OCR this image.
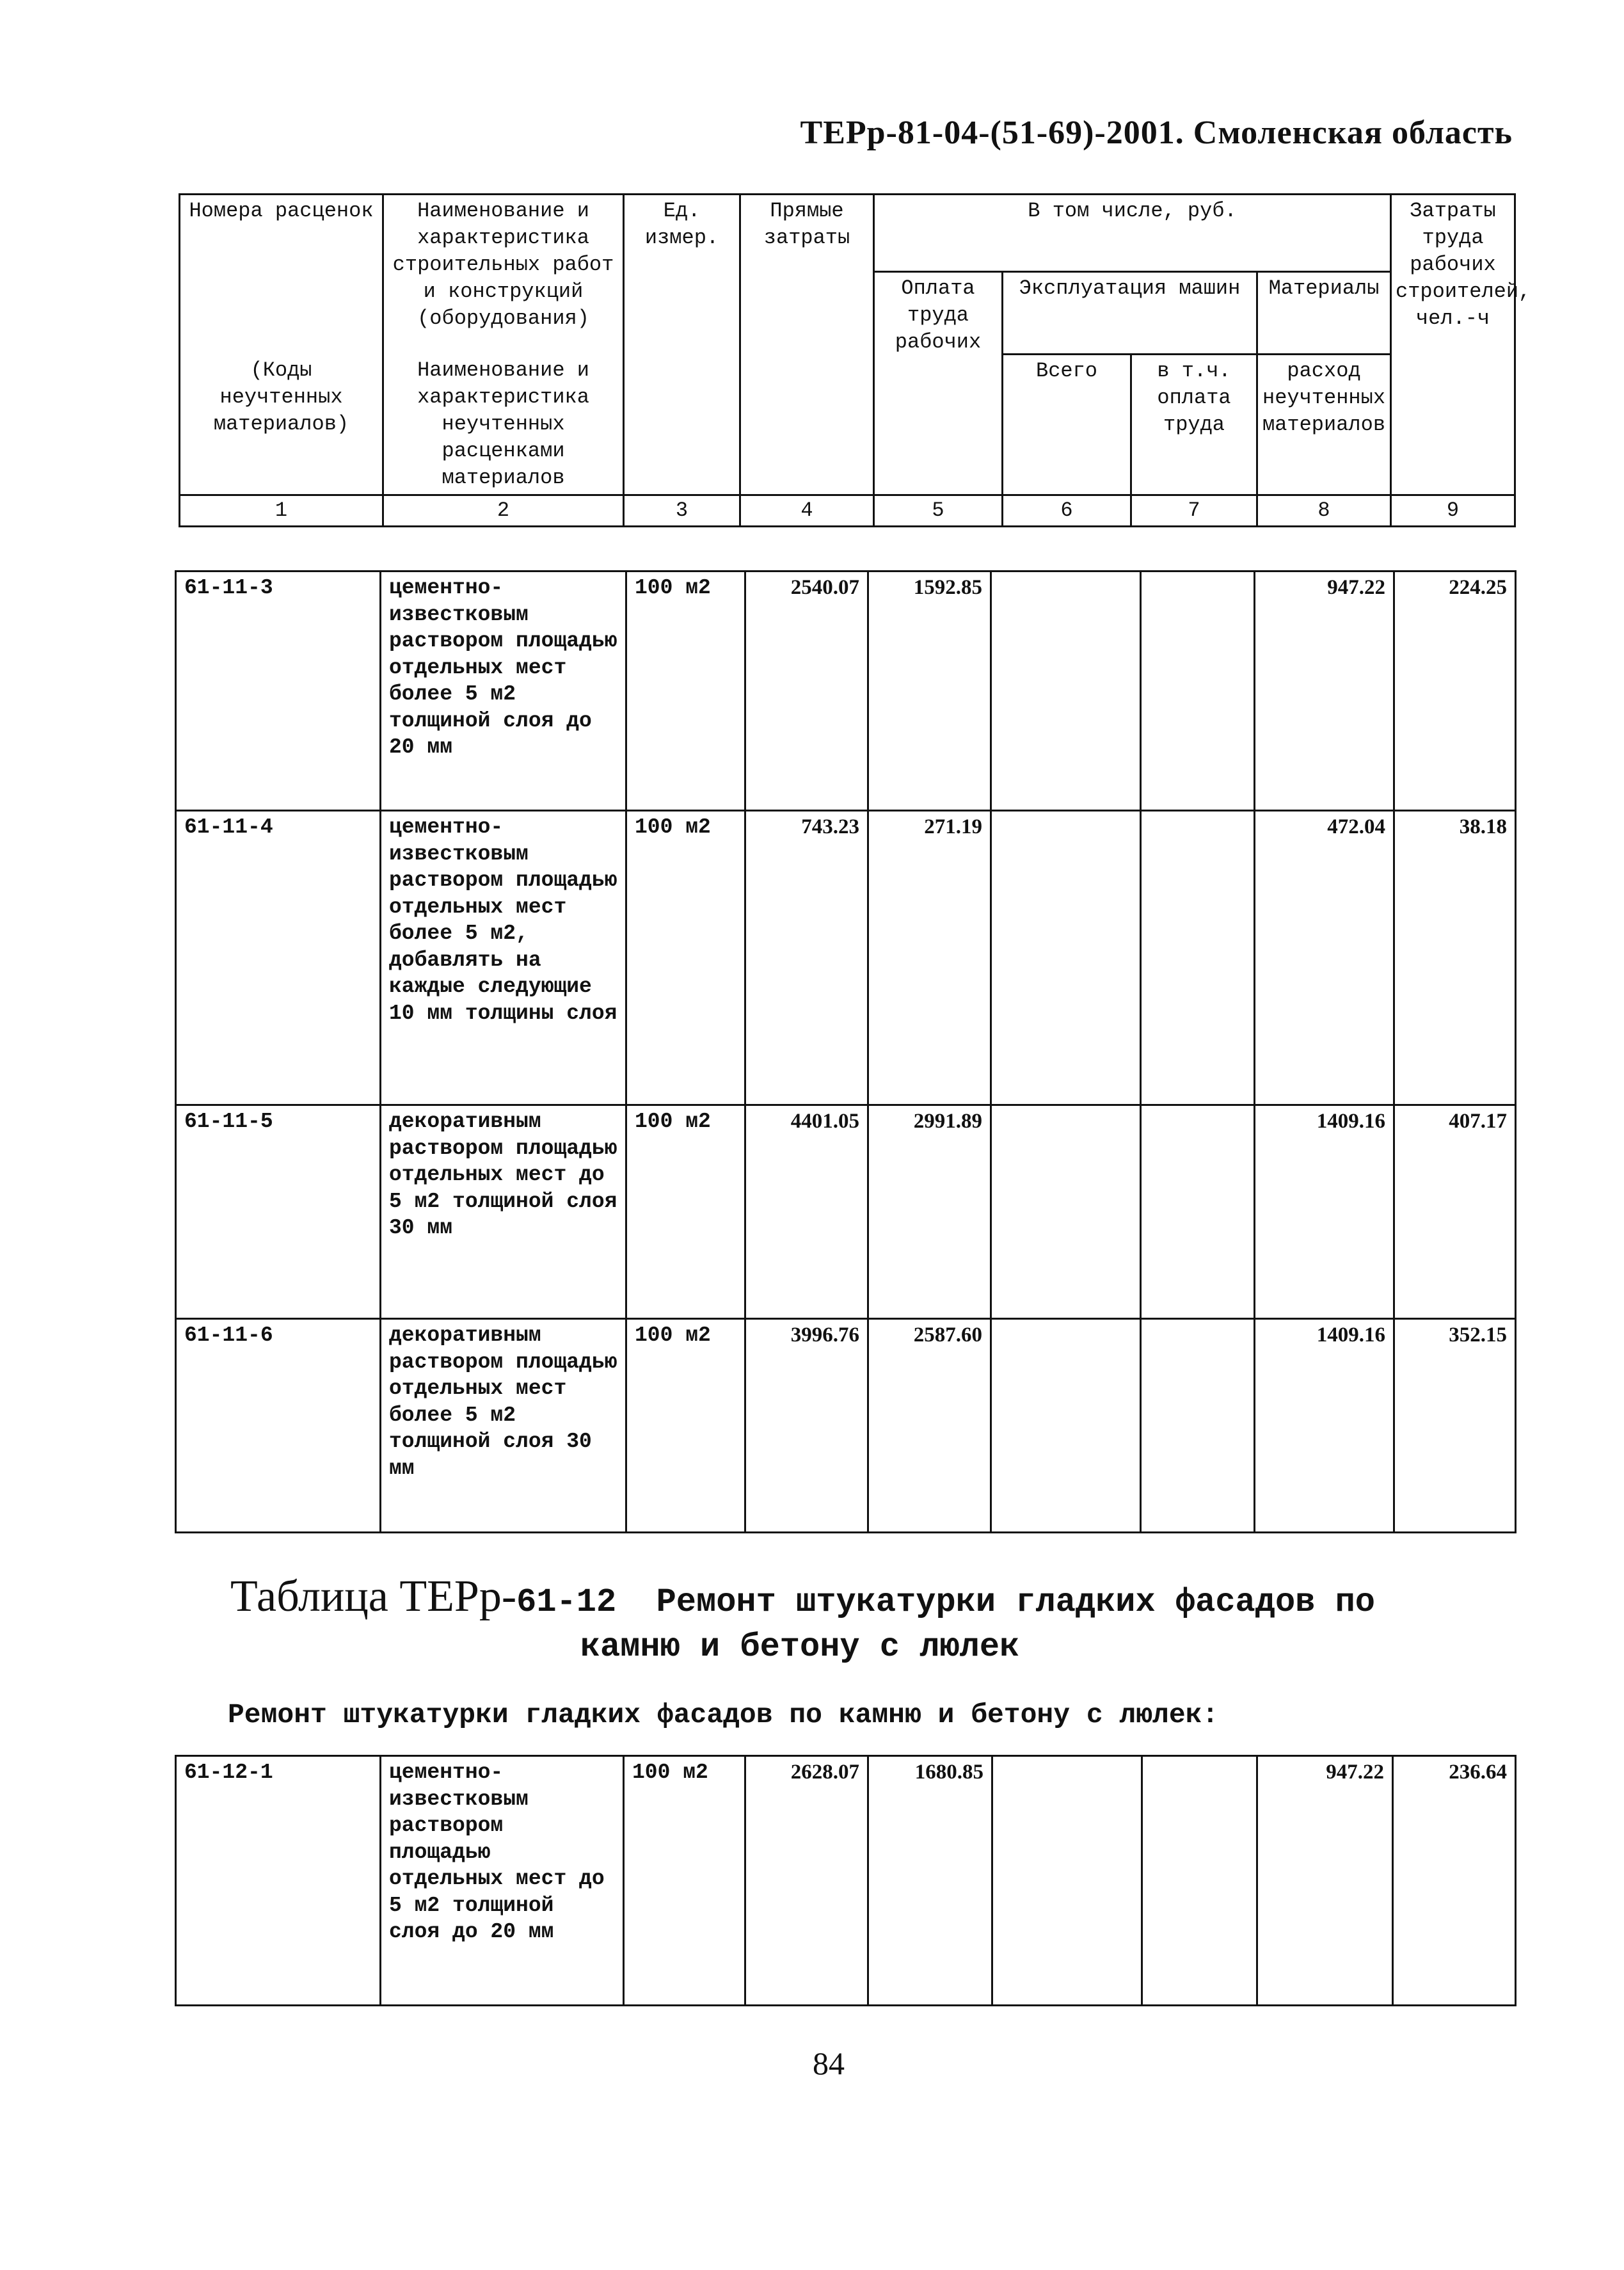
ТЕРр-81-04-(51-69)-2001. Смоленская область
Номера расценок	Наименование и характеристика строительных работ и конструкций (оборудования)	Ед. измер.	Прямые затраты	В том числе, руб.				Затраты труда рабочих строителей, чел.-ч
				Оплата труда рабочих	Эксплуатация машин		Материалы	
(Коды неучтенных материалов)	Наименование и характеристика неучтенных расценками материалов				Всего	в т.ч. оплата труда	расход неучтенных материалов	
1	2	3	4	5	6	7	8	9
61-11-3	цементно-известковым раствором площадью отдельных мест более 5 м2 толщиной слоя до 20 мм	100 м2	2540.07	1592.85			947.22	224.25
61-11-4	цементно-известковым раствором площадью отдельных мест более 5 м2, добавлять на каждые следующие 10 мм толщины слоя	100 м2	743.23	271.19			472.04	38.18
61-11-5	декоративным раствором площадью отдельных мест до 5 м2 толщиной слоя 30 мм	100 м2	4401.05	2991.89			1409.16	407.17
61-11-6	декоративным раствором площадью отдельных мест более 5 м2 толщиной слоя 30 мм	100 м2	3996.76	2587.60			1409.16	352.15
Таблица ТЕРр-61-12 Ремонт штукатурки гладких фасадов по
камню и бетону с люлек
Ремонт штукатурки гладких фасадов по камню и бетону с люлек:
61-12-1	цементно-известковым раствором площадью отдельных мест до 5 м2 толщиной слоя до 20 мм	100 м2	2628.07	1680.85			947.22	236.64
84
